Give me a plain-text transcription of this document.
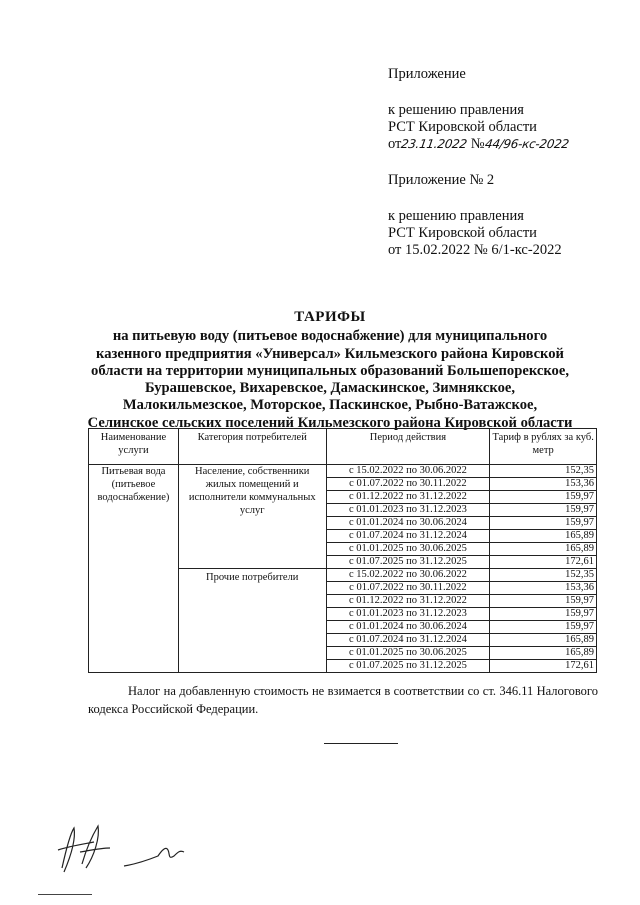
Приложение
к решению правления
РСТ Кировской области
от23.11.2022 №44/96-кс-2022
Приложение № 2
к решению правления
РСТ Кировской области
от 15.02.2022 № 6/1-кс-2022
ТАРИФЫ
на питьевую воду (питьевое водоснабжение) для муниципального
казенного предприятия «Универсал» Кильмезского района Кировской
области на территории муниципальных образований Большепорекское,
Бурашевское, Вихаревское, Дамаскинское, Зимнякское,
Малокильмезское, Моторское, Паскинское, Рыбно-Ватажское,
Селинское сельских поселений Кильмезского района Кировской области
Наименование услуги	Категория потребителей	Период действия	Тариф в рублях за куб. метр
Питьевая вода (питьевое водоснабжение)	Население, собственники жилых помещений и исполнители коммунальных услуг	с 15.02.2022 по 30.06.2022	152,35
		с 01.07.2022 по 30.11.2022	153,36
		с 01.12.2022 по 31.12.2022	159,97
		с 01.01.2023 по 31.12.2023	159,97
		с 01.01.2024 по 30.06.2024	159,97
		с 01.07.2024 по 31.12.2024	165,89
		с 01.01.2025 по 30.06.2025	165,89
		с 01.07.2025 по 31.12.2025	172,61
	Прочие потребители	с 15.02.2022 по 30.06.2022	152,35
		с 01.07.2022 по 30.11.2022	153,36
		с 01.12.2022 по 31.12.2022	159,97
		с 01.01.2023 по 31.12.2023	159,97
		с 01.01.2024 по 30.06.2024	159,97
		с 01.07.2024 по 31.12.2024	165,89
		с 01.01.2025 по 30.06.2025	165,89
		с 01.07.2025 по 31.12.2025	172,61
Налог на добавленную стоимость не взимается в соответствии со ст. 346.11 Налогового кодекса Российской Федерации.
